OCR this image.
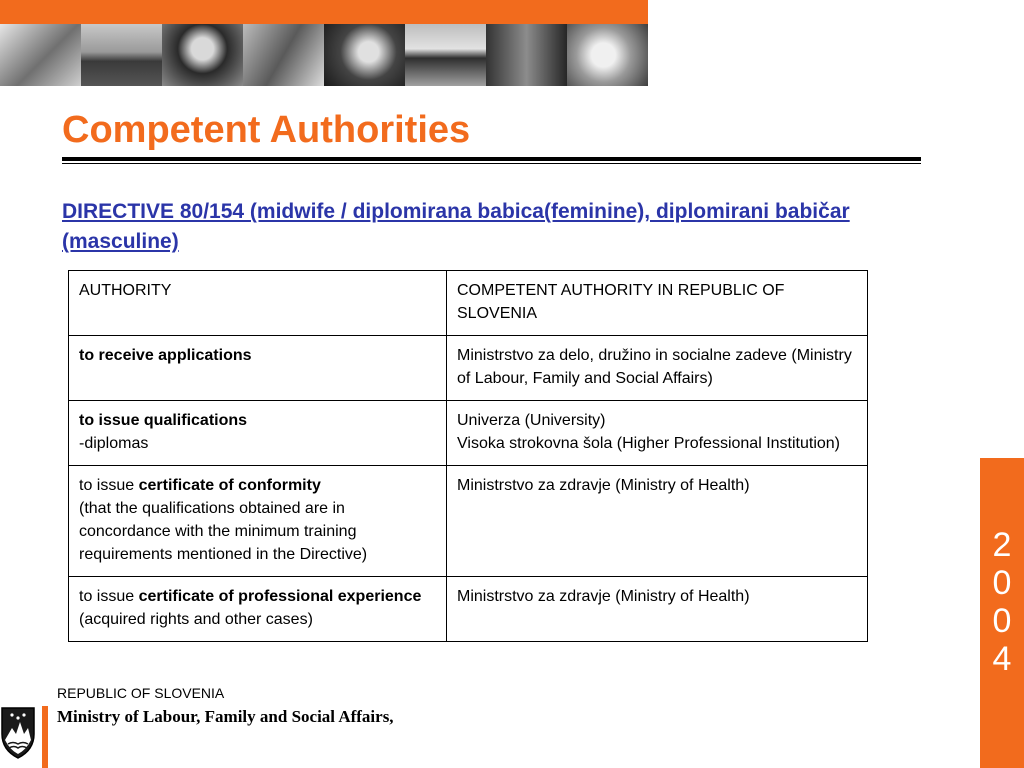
Competent Authorities

DIRECTIVE 80/154 (midwife / diplomirana babica(feminine), diplomirani babičar (masculine)

AUTHORITY	COMPETENT AUTHORITY IN REPUBLIC OF SLOVENIA
to receive applications	Ministrstvo za delo, družino in socialne zadeve (Ministry of Labour, Family and Social Affairs)

to issue qualifications
-diplomas	Univerza (University)
Visoka strokovna šola (Higher Professional Institution)

to issue certificate of conformity
(that the qualifications obtained are in concordance with the minimum training requirements mentioned in the Directive)	Ministrstvo za zdravje (Ministry of Health)

to issue certificate of professional experience
(acquired rights and other cases)	Ministrstvo za zdravje (Ministry of Health)
2
0
0
4
REPUBLIC OF SLOVENIA
Ministry of Labour, Family and Social Affairs,
